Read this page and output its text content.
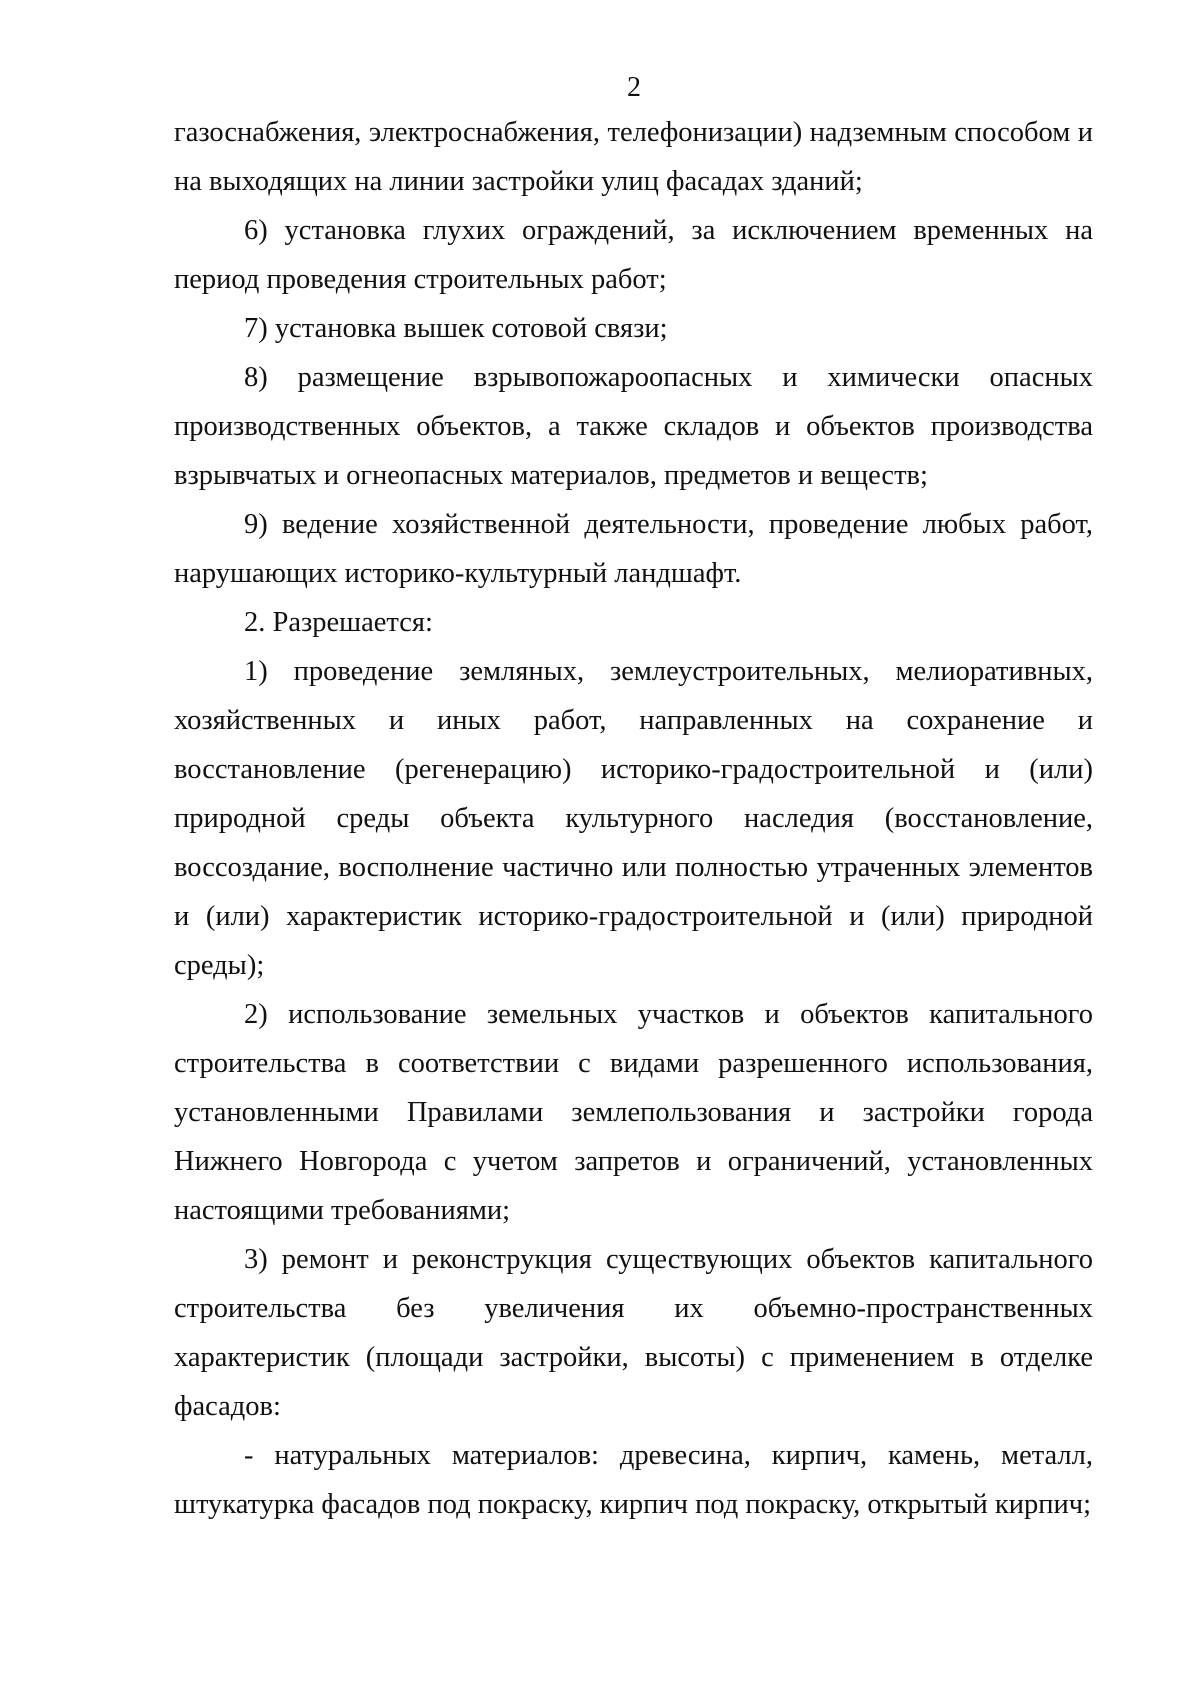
2

газоснабжения, электроснабжения, телефонизации) надземным способом и на выходящих на линии застройки улиц фасадах зданий;

6) установка глухих ограждений, за исключением временных на период проведения строительных работ;

7) установка вышек сотовой связи;

8) размещение взрывопожароопасных и химически опасных производственных объектов, а также складов и объектов производства взрывчатых и огнеопасных материалов, предметов и веществ;

9) ведение хозяйственной деятельности, проведение любых работ, нарушающих историко-культурный ландшафт.

2. Разрешается:

1) проведение земляных, землеустроительных, мелиоративных, хозяйственных и иных работ, направленных на сохранение и восстановление (регенерацию) историко-градостроительной и (или) природной среды объекта культурного наследия (восстановление, воссоздание, восполнение частично или полностью утраченных элементов и (или) характеристик историко-градостроительной и (или) природной среды);

2) использование земельных участков и объектов капитального строительства в соответствии с видами разрешенного использования, установленными Правилами землепользования и застройки города Нижнего Новгорода с учетом запретов и ограничений, установленных настоящими требованиями;

3) ремонт и реконструкция существующих объектов капитального строительства без увеличения их объемно-пространственных характеристик (площади застройки, высоты) с применением в отделке фасадов:

- натуральных материалов: древесина, кирпич, камень, металл, штукатурка фасадов под покраску, кирпич под покраску, открытый кирпич;
